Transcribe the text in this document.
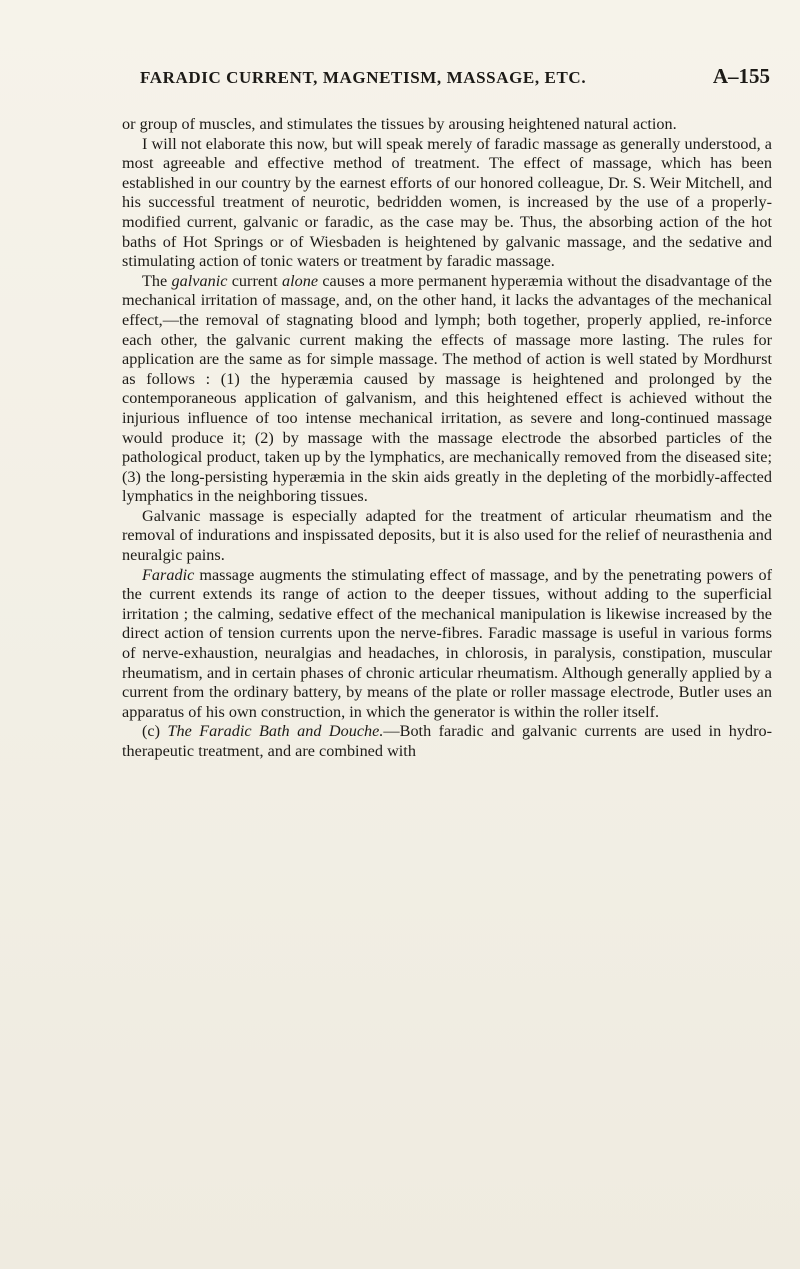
FARADIC CURRENT, MAGNETISM, MASSAGE, ETC.	A–155

or group of muscles, and stimulates the tissues by arousing heightened natural action.

I will not elaborate this now, but will speak merely of faradic massage as generally understood, a most agreeable and effective method of treatment. The effect of massage, which has been established in our country by the earnest efforts of our honored colleague, Dr. S. Weir Mitchell, and his successful treatment of neurotic, bedridden women, is increased by the use of a properly-modified current, galvanic or faradic, as the case may be. Thus, the absorbing action of the hot baths of Hot Springs or of Wiesbaden is heightened by galvanic massage, and the sedative and stimulating action of tonic waters or treatment by faradic massage.

The galvanic current alone causes a more permanent hyperæmia without the disadvantage of the mechanical irritation of massage, and, on the other hand, it lacks the advantages of the mechanical effect,—the removal of stagnating blood and lymph; both together, properly applied, re-inforce each other, the galvanic current making the effects of massage more lasting. The rules for application are the same as for simple massage. The method of action is well stated by Mordhurst as follows : (1) the hyperæmia caused by massage is heightened and prolonged by the contemporaneous application of galvanism, and this heightened effect is achieved without the injurious influence of too intense mechanical irritation, as severe and long-continued massage would produce it; (2) by massage with the massage electrode the absorbed particles of the pathological product, taken up by the lymphatics, are mechanically removed from the diseased site; (3) the long-persisting hyperæmia in the skin aids greatly in the depleting of the morbidly-affected lymphatics in the neighboring tissues.

Galvanic massage is especially adapted for the treatment of articular rheumatism and the removal of indurations and inspissated deposits, but it is also used for the relief of neurasthenia and neuralgic pains.

Faradic massage augments the stimulating effect of massage, and by the penetrating powers of the current extends its range of action to the deeper tissues, without adding to the superficial irritation ; the calming, sedative effect of the mechanical manipulation is likewise increased by the direct action of tension currents upon the nerve-fibres. Faradic massage is useful in various forms of nerve-exhaustion, neuralgias and headaches, in chlorosis, in paralysis, constipation, muscular rheumatism, and in certain phases of chronic articular rheumatism. Although generally applied by a current from the ordinary battery, by means of the plate or roller massage electrode, Butler uses an apparatus of his own construction, in which the generator is within the roller itself.

(c) The Faradic Bath and Douche.—Both faradic and galvanic currents are used in hydro-therapeutic treatment, and are combined with
